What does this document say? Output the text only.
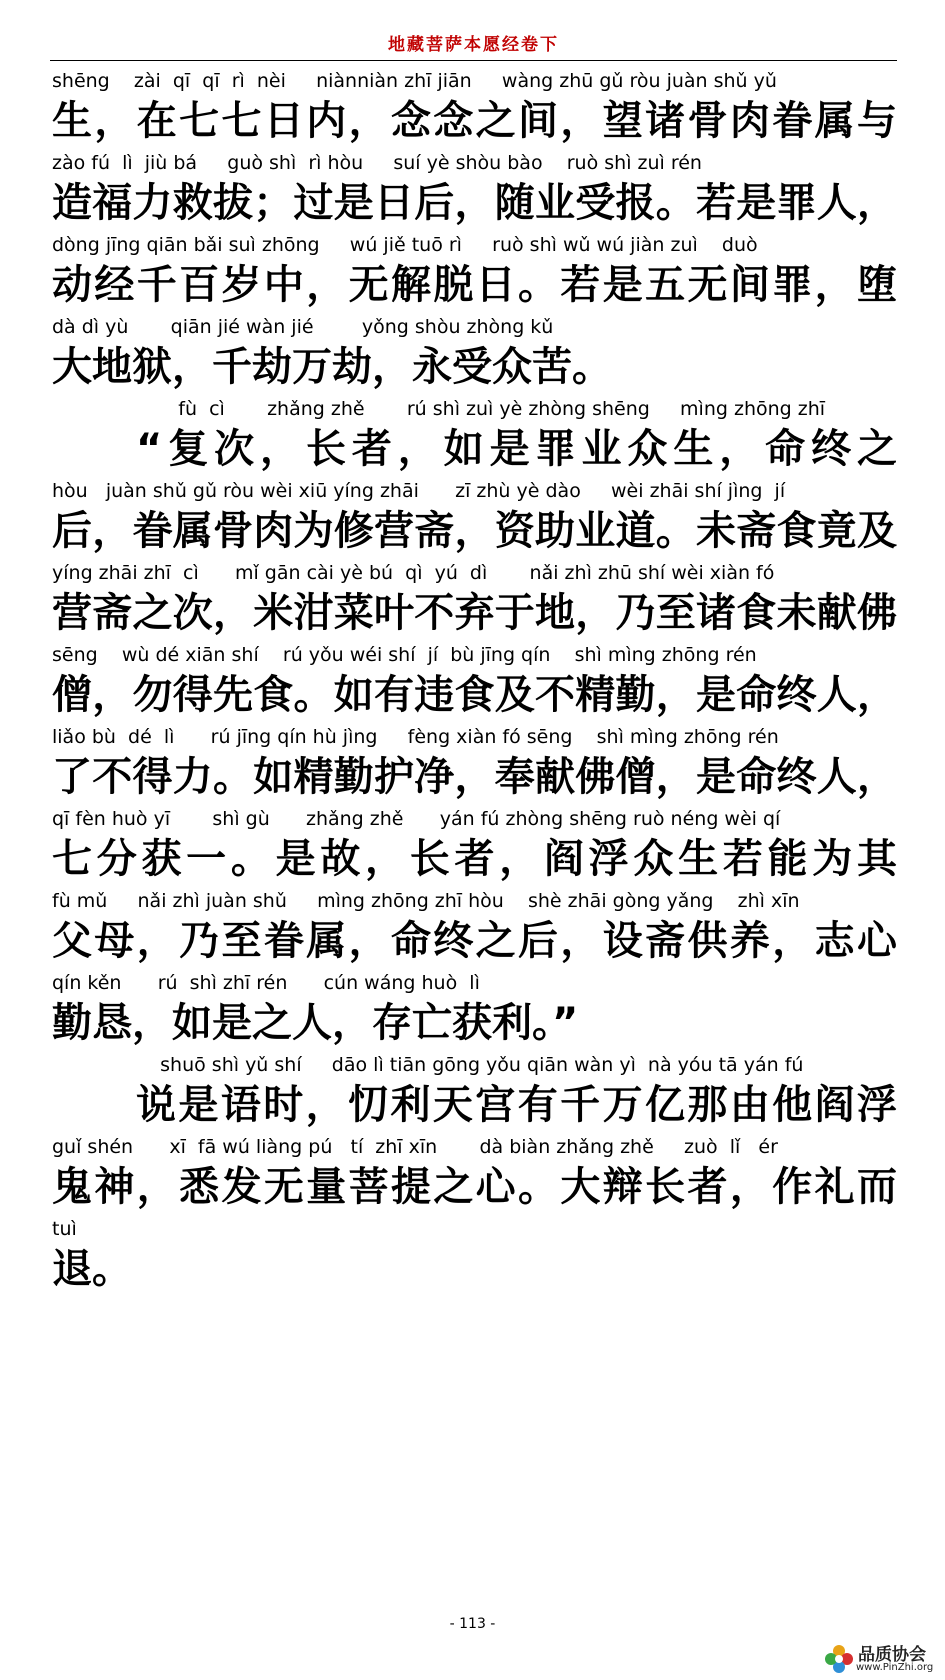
地藏菩萨本愿经卷下
shēng    zài  qī  qī  rì  nèi     niànniàn zhī jiān     wàng zhū gǔ ròu juàn shǔ yǔ
生，在七七日内，念念之间，望诸骨肉眷属与
zào fú  lì  jiù bá     guò shì  rì hòu     suí yè shòu bào    ruò shì zuì rén
造福力救拔；过是日后，随业受报。若是罪人，
dòng jīng qiān bǎi suì zhōng     wú jiě tuō rì     ruò shì wǔ wú jiàn zuì    duò
动经千百岁中，无解脱日。若是五无间罪，堕
dà dì yù       qiān jié wàn jié        yǒng shòu zhòng kǔ
大地狱，千劫万劫，永受众苦。
fù  cì       zhǎng zhě       rú shì zuì yè zhòng shēng     mìng zhōng zhī
“复次，长者，如是罪业众生，命终之
hòu   juàn shǔ gǔ ròu wèi xiū yíng zhāi      zī zhù yè dào     wèi zhāi shí jìng  jí
后，眷属骨肉为修营斋，资助业道。未斋食竟及
yíng zhāi zhī  cì      mǐ gān cài yè bú  qì  yú  dì       nǎi zhì zhū shí wèi xiàn fó
营斋之次，米泔菜叶不弃于地，乃至诸食未献佛
sēng    wù dé xiān shí    rú yǒu wéi shí  jí  bù jīng qín    shì mìng zhōng rén
僧，勿得先食。如有违食及不精勤，是命终人，
liǎo bù  dé  lì      rú jīng qín hù jìng     fèng xiàn fó sēng    shì mìng zhōng rén
了不得力。如精勤护净，奉献佛僧，是命终人，
qī fèn huò yī       shì gù      zhǎng zhě      yán fú zhòng shēng ruò néng wèi qí
七分获一。是故，长者，阎浮众生若能为其
fù mǔ     nǎi zhì juàn shǔ     mìng zhōng zhī hòu    shè zhāi gòng yǎng    zhì xīn
父母，乃至眷属，命终之后，设斋供养，志心
qín kěn      rú  shì zhī rén      cún wáng huò  lì
勤恳，如是之人，存亡获利。”
shuō shì yǔ shí     dāo lì tiān gōng yǒu qiān wàn yì  nà yóu tā yán fú
说是语时，忉利天宫有千万亿那由他阎浮
guǐ shén      xī  fā wú liàng pú   tí  zhī xīn       dà biàn zhǎng zhě     zuò  lǐ   ér
鬼神，悉发无量菩提之心。大辩长者，作礼而
tuì
退。
- 113 -
品质协会
www.PinZhi.org
